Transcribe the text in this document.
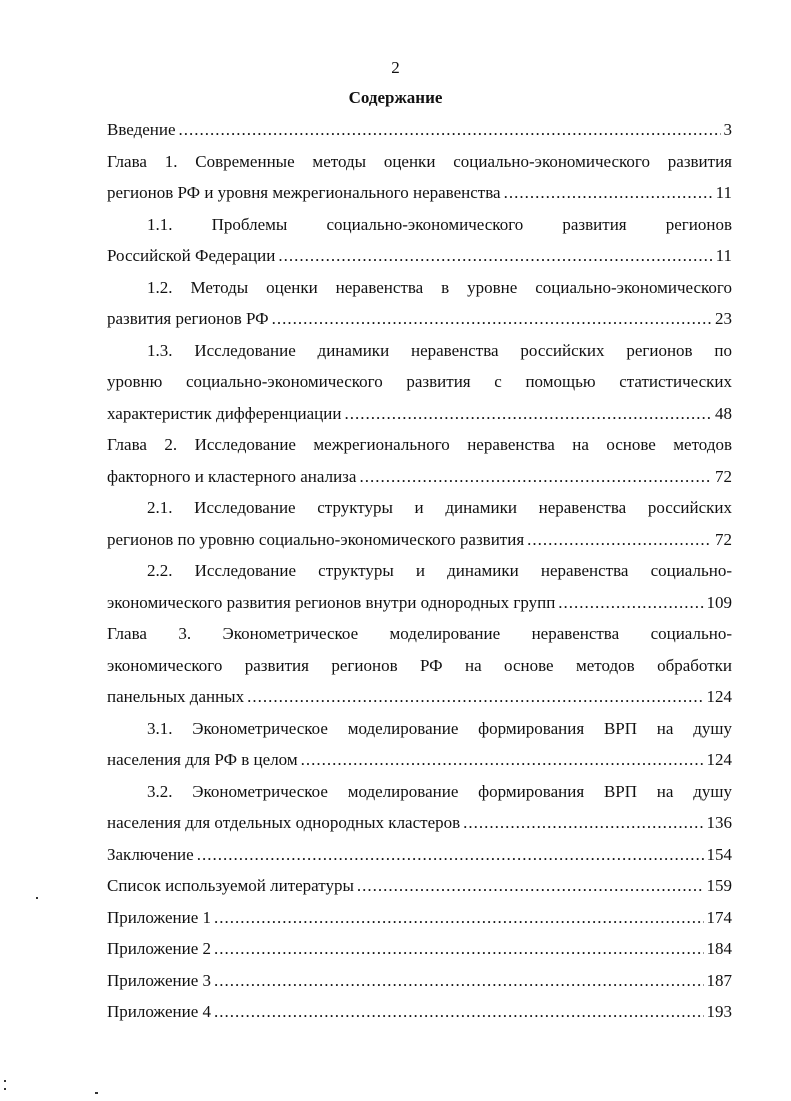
2
Содержание
Введение .....	3
Глава 1. Современные методы оценки социально-экономического развития
регионов РФ и уровня межрегионального неравенства .....	11
1.1. Проблемы социально-экономического развития регионов
Российской Федерации .....	11
1.2. Методы оценки неравенства в уровне социально-экономического
развития регионов РФ .....	23
1.3. Исследование динамики неравенства российских регионов по
уровню социально-экономического развития с помощью статистических
характеристик дифференциации .....	48
Глава 2. Исследование межрегионального неравенства на основе методов
факторного и кластерного анализа .....	72
2.1. Исследование структуры и динамики неравенства российских
регионов по уровню социально-экономического развития .....	72
2.2. Исследование структуры и динамики неравенства социально-
экономического развития регионов внутри однородных групп .....	109
Глава 3. Эконометрическое моделирование неравенства социально-
экономического развития регионов РФ на основе методов обработки
панельных данных .....	124
3.1. Эконометрическое моделирование формирования ВРП на душу
населения для РФ в целом .....	124
3.2. Эконометрическое моделирование формирования ВРП на душу
населения для отдельных однородных кластеров .....	136
Заключение .....	154
Список используемой литературы .....	159
Приложение 1 .....	174
Приложение 2 .....	184
Приложение 3 .....	187
Приложение 4 .....	193
